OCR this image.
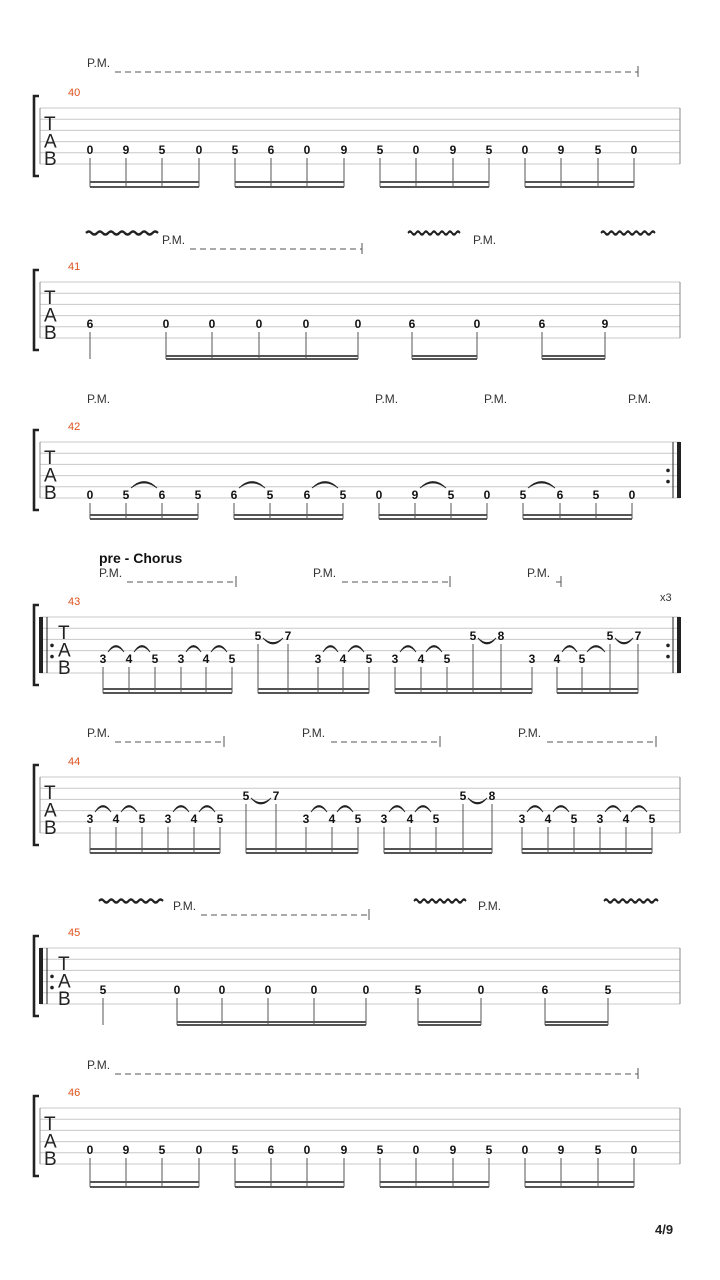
T
A
B
40
P.M.
0 9 5	0 5 6 0	9 5 0	9 5 0 9	5 0
T
A
B
41
P.M.	P.M.
6	0	0	0	0	0	6	0	6	9
T
A
B
42
P.M.	P.M.	P.M.	P.M.
0 5 6 5 6 5	6 5 0 9 5 0 5	6 5 0
T
A
B
43
pre - Chorus
x3
P.M.	P.M.	P.M.
3 4 5 3 4 5
5 7
3 4 5 3 4 5
5 8
3 4 5
5 7
T
A
B
44
P.M.	P.M.	P.M.
3 4 5 3 4 5
5 7
3 4 5 3 4 5
5 8
3 4 5 3 4 5
T
A
B
45
P.M.	P.M.
5	0	0	0	0	0	5	0	6	5
T
A
B
46
P.M.
0 9 5	0 5 6 0	9 5 0	9 5 0 9	5 0
4/9
